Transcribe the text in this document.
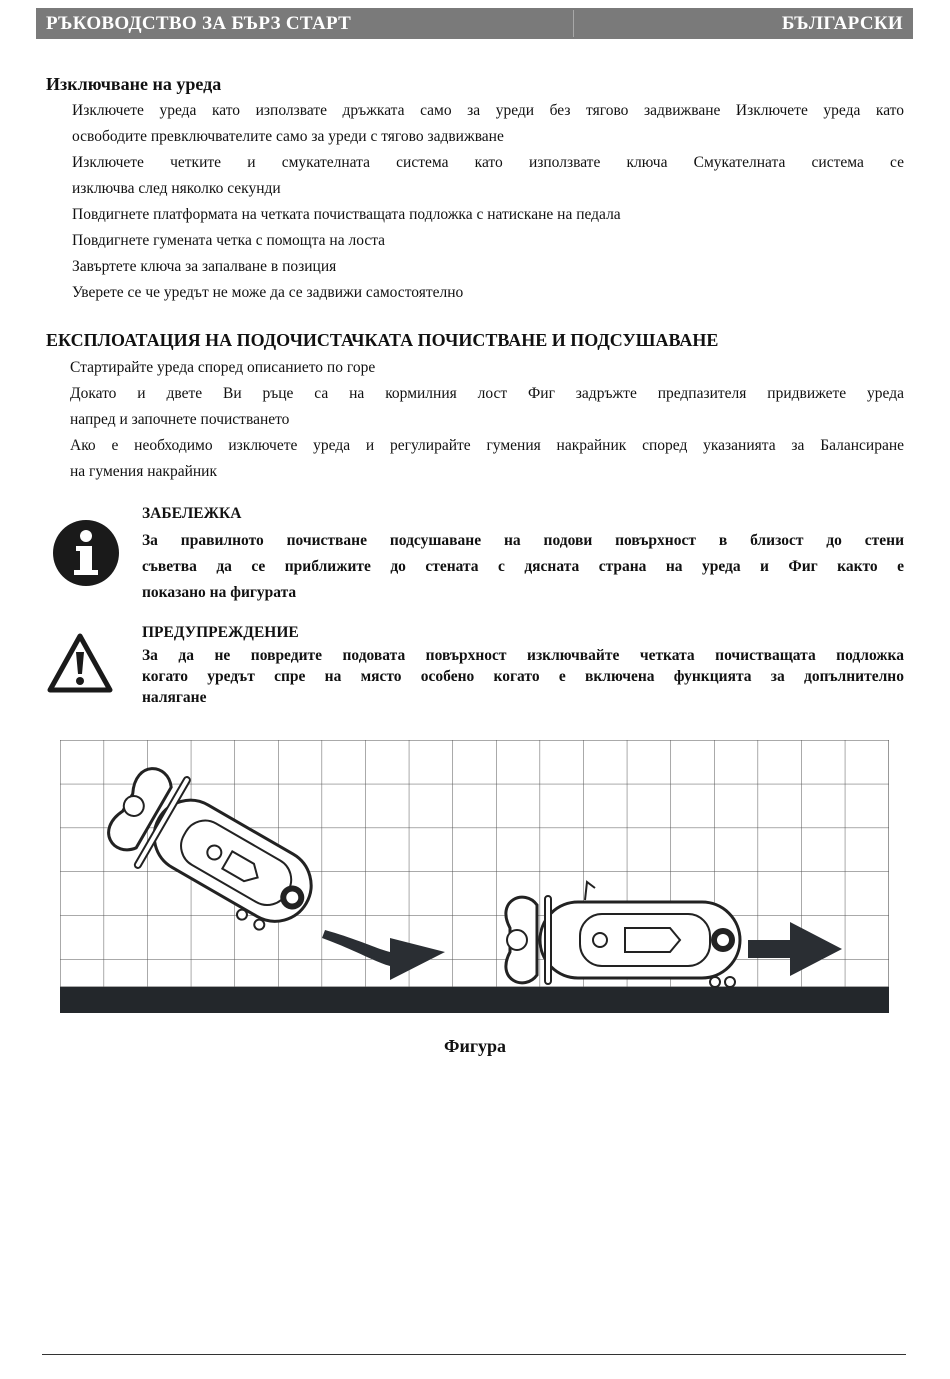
РЪКОВОДСТВО ЗА БЪРЗ СТАРТ	БЪЛГАРСКИ
Изключване на уреда
Изключете уреда като използвате дръжката само за уреди без тягово задвижване Изключете уреда като
освободите превключвателите само за уреди с тягово задвижване
Изключете четките и смукателната система като използвате ключа Смукателната система се
изключва след няколко секунди
Повдигнете платформата на четката почистващата подложка с натискане на педала
Повдигнете гумената четка с помощта на лоста
Завъртете ключа за запалване в позиция
Уверете се че уредът не може да се задвижи самостоятелно
ЕКСПЛОАТАЦИЯ НА ПОДОЧИСТАЧКАТА ПОЧИСТВАНЕ И ПОДСУШАВАНЕ
Стартирайте уреда според описанието по горе
Докато и двете Ви ръце са на кормилния лост Фиг задръжте предпазителя придвижете уреда
напред и започнете почистването
Ако е необходимо изключете уреда и регулирайте гумения накрайник според указанията за Балансиране
на гумения накрайник
ЗАБЕЛЕЖКА
За правилното почистване подсушаване на подови повърхност в близост до стени
съветва да се приближите до стената с дясната страна на уреда и Фиг както е
показано на фигурата
ПРЕДУПРЕЖДЕНИЕ
За да не повредите подовата повърхност изключвайте четката почистващата подложка
когато уредът спре на място особено когато е включена функцията за допълнително
налягане
Фигура
